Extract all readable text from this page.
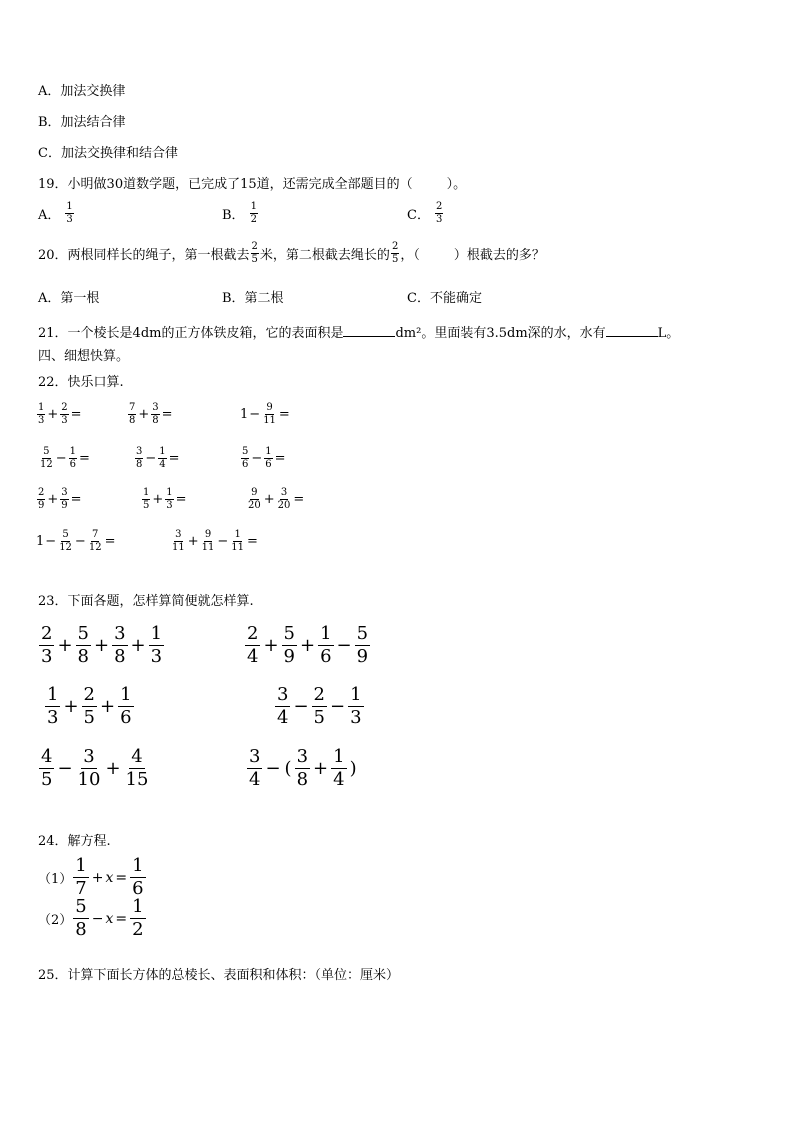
A．加法交换律
B．加法结合律
C．加法交换律和结合律
19．小明做30道数学题，已完成了15道，还需完成全部题目的（	）。
A． $\frac{1}{3}$	B． $\frac{1}{2}$	C． $\frac{2}{3}$
20．两根同样长的绳子，第一根截去 $\frac{2}{5}$ 米，第二根截去绳长的 $\frac{2}{5}$ ，（	）根截去的多？
A．第一根	B．第二根	C．不能确定
21．一个棱长是4dm的正方体铁皮箱，它的表面积是	dm²。里面装有3.5dm深的水，水有	L。
四、细想快算。
22．快乐口算.
$\frac{1}{3} + \frac{2}{3}$ =	$\frac{7}{8} + \frac{3}{8}$ =	$1 - \frac{9}{11}$ =
$\frac{5}{12} - \frac{1}{6}$ =	$\frac{3}{8} - \frac{1}{4}$ =	$\frac{5}{6} - \frac{1}{6}$ =
$\frac{2}{9} + \frac{3}{9}$ =	$\frac{1}{5} + \frac{1}{3}$ =	$\frac{9}{20} + \frac{3}{20}$ =
$1 - \frac{5}{12} - \frac{7}{12}$ =	$\frac{3}{11} + \frac{9}{11} - \frac{1}{11}$ =
23．下面各题，怎样算简便就怎样算.
$\frac{2}{3} + \frac{5}{8} + \frac{3}{8} + \frac{1}{3}$	$\frac{2}{4} + \frac{5}{9} + \frac{1}{6} - \frac{5}{9}$
$\frac{1}{3} + \frac{2}{5} + \frac{1}{6}$	$\frac{3}{4} - \frac{2}{5} - \frac{1}{3}$
$\frac{4}{5} - \frac{3}{10} + \frac{4}{15}$	$\frac{3}{4}$ − ( $\frac{3}{8} + \frac{1}{4}$ )
24．解方程.
$(1) \frac{1}{7} + x = \frac{1}{6}$
$(2) \frac{5}{8} - x = \frac{1}{2}$
25．计算下面长方体的总棱长、表面积和体积：（单位：厘米）
